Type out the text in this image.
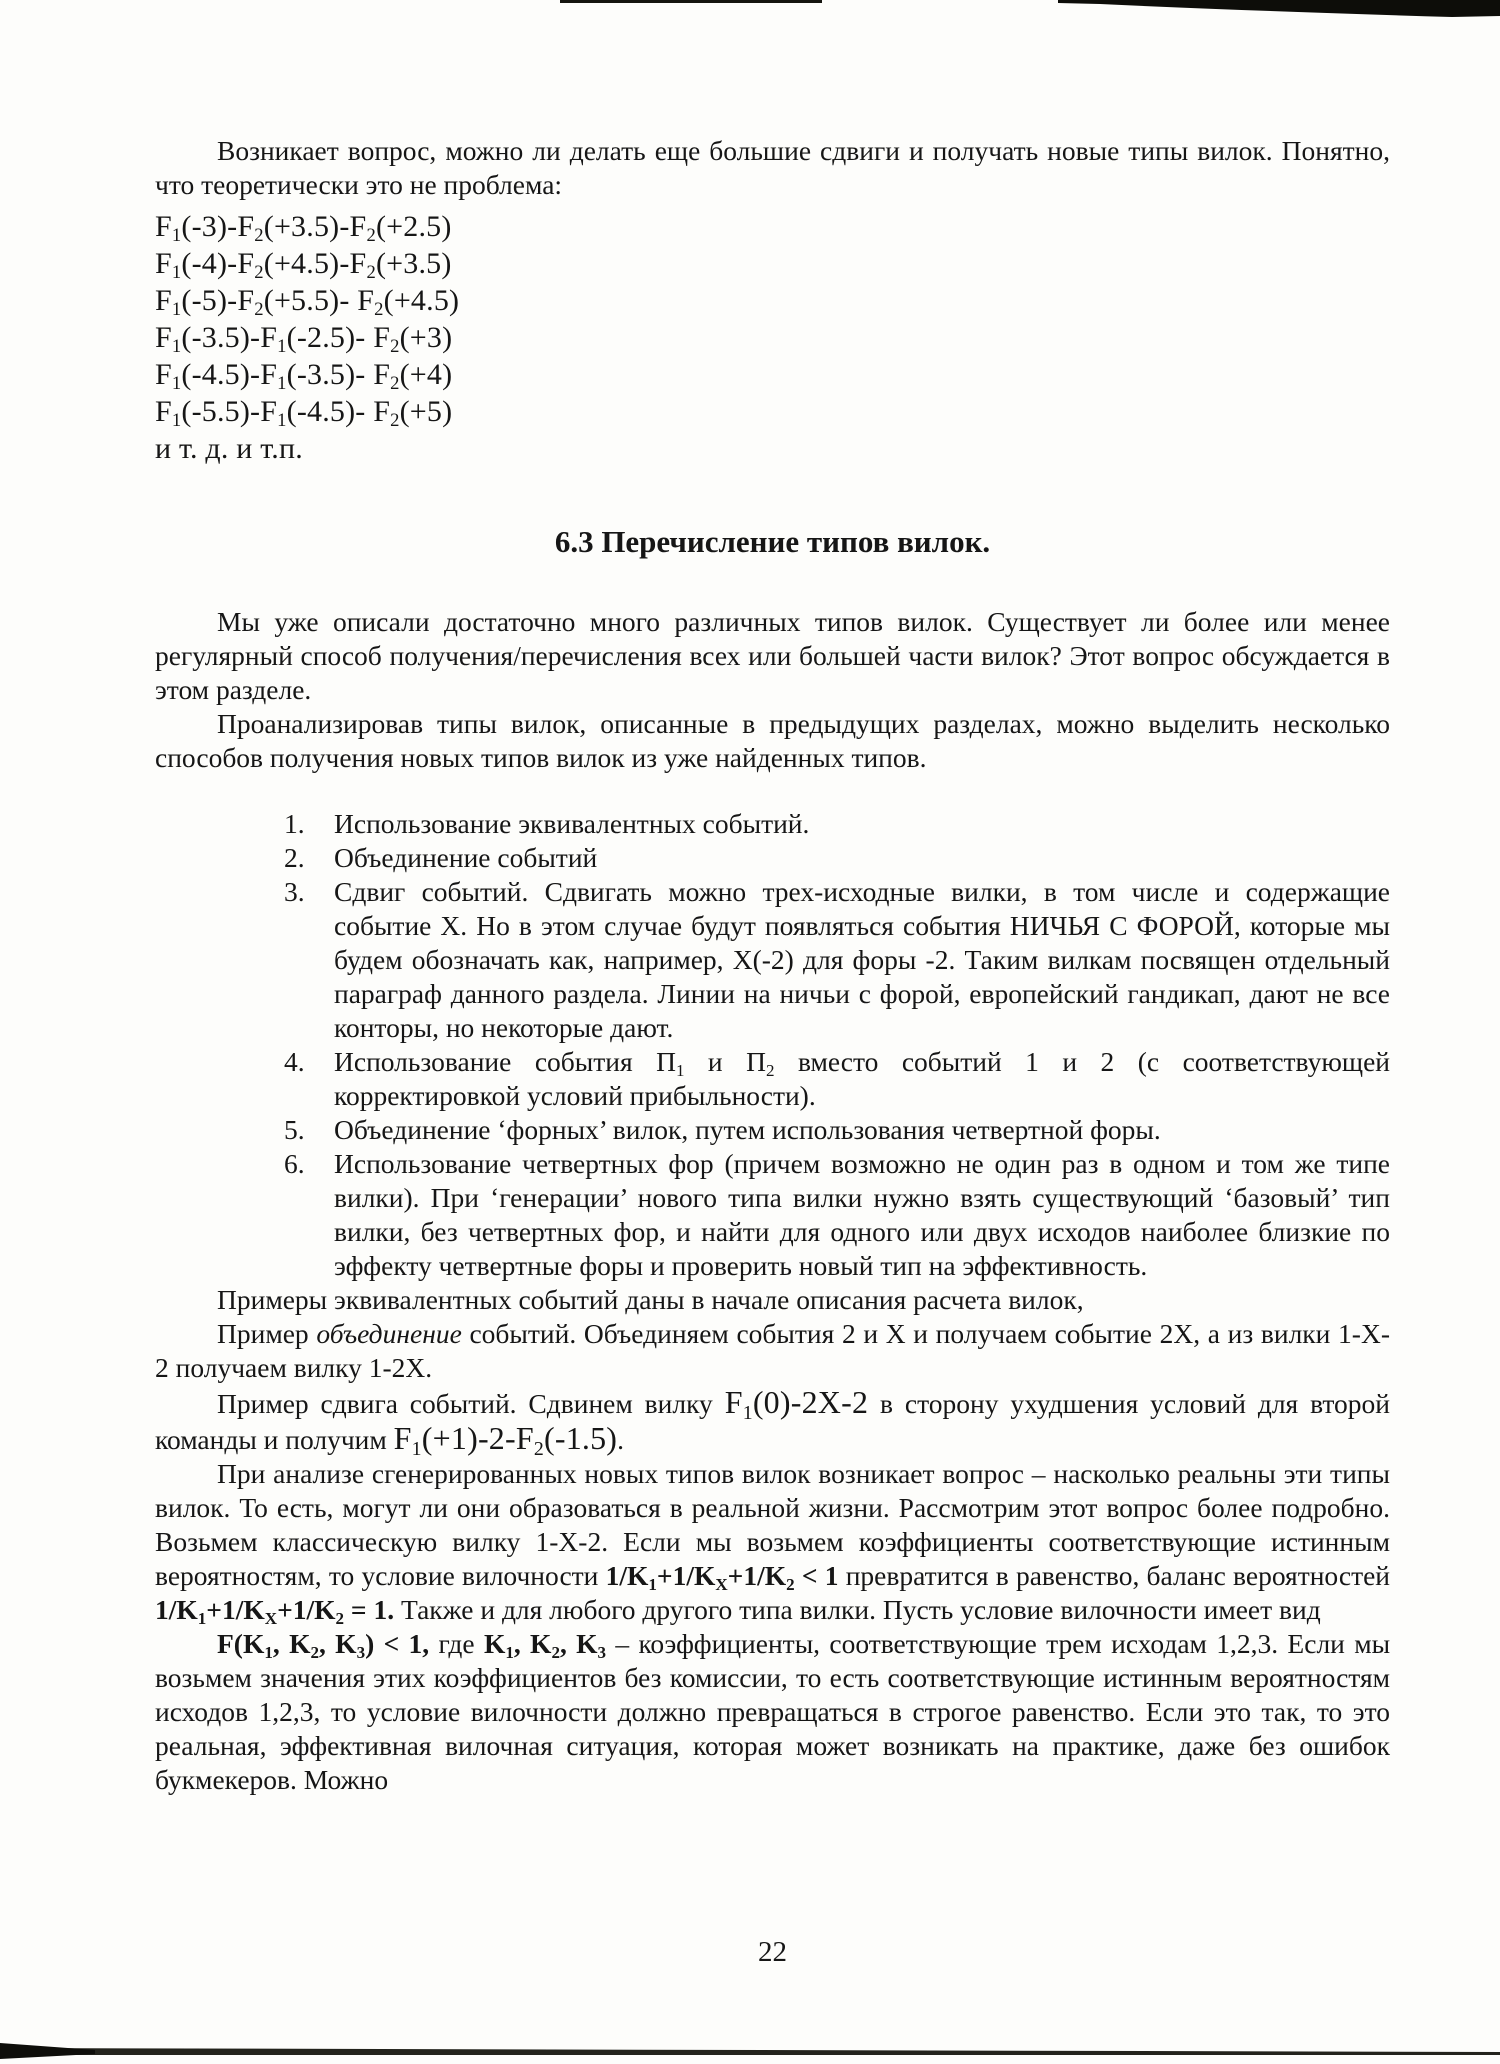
Возникает вопрос, можно ли делать еще большие сдвиги и получать новые типы вилок. Понятно, что теоретически это не проблема:

$F_1(-3)-F_2(+3.5)-F_2(+2.5)$
$F_1(-4)-F_2(+4.5)-F_2(+3.5)$
$F_1(-5)-F_2(+5.5)-$ $F_2(+4.5)$
$F_1(-3.5)-F_1(-2.5)-$ $F_2(+3)$
$F_1(-4.5)-F_1(-3.5)-$ $F_2(+4)$
$F_1(-5.5)-F_1(-4.5)-$ $F_2(+5)$
и т. д. и т.п.
6.3 Перечисление типов вилок.

Мы уже описали достаточно много различных типов вилок. Существует ли более или менее регулярный способ получения/перечисления всех или большей части вилок? Этот вопрос обсуждается в этом разделе.

Проанализировав типы вилок, описанные в предыдущих разделах, можно выделить несколько способов получения новых типов вилок из уже найденных типов.

Использование эквивалентных событий.
Объединение событий
Сдвиг событий. Сдвигать можно трех-исходные вилки, в том числе и содержащие событие X. Но в этом случае будут появляться события НИЧЬЯ С ФОРОЙ, которые мы будем обозначать как, например, X(-2) для форы -2. Таким вилкам посвящен отдельный параграф данного раздела. Линии на ничьи с форой, европейский гандикап, дают не все конторы, но некоторые дают.
Использование события $П_1$ и $П_2$ вместо событий 1 и 2 (с соответствующей корректировкой условий прибыльности).
Объединение ‘форных’ вилок, путем использования четвертной форы.
Использование четвертных фор (причем возможно не один раз в одном и том же типе вилки). При ‘генерации’ нового типа вилки нужно взять существующий ‘базовый’ тип вилки, без четвертных фор, и найти для одного или двух исходов наиболее близкие по эффекту четвертные форы и проверить новый тип на эффективность.

Примеры эквивалентных событий даны в начале описания расчета вилок,

Пример объединение событий. Объединяем события 2 и X и получаем событие 2X, а из вилки 1-X-2 получаем вилку 1-2X.

Пример сдвига событий. Сдвинем вилку $F_1(0)-2X-2$ в сторону ухудшения условий для второй команды и получим $F_1(+1)-2-F_2(-1.5)$.

При анализе сгенерированных новых типов вилок возникает вопрос – насколько реальны эти типы вилок. То есть, могут ли они образоваться в реальной жизни. Рассмотрим этот вопрос более подробно. Возьмем классическую вилку 1-X-2. Если мы возьмем коэффициенты соответствующие истинным вероятностям, то условие вилочности $1/K_1+1/K_X+1/K_2 < 1$ превратится в равенство, баланс вероятностей $1/K_1+1/K_X+1/K_2 = 1$. Также и для любого другого типа вилки. Пусть условие вилочности имеет вид

$F(K_1$, $K_2$, $K_3) < 1$, где $K_1$, $K_2$, $K_3$ – коэффициенты, соответствующие трем исходам 1,2,3. Если мы возьмем значения этих коэффициентов без комиссии, то есть соответствующие истинным вероятностям исходов 1,2,3, то условие вилочности должно превращаться в строгое равенство. Если это так, то это реальная, эффективная вилочная ситуация, которая может возникать на практике, даже без ошибок букмекеров. Можно

22
